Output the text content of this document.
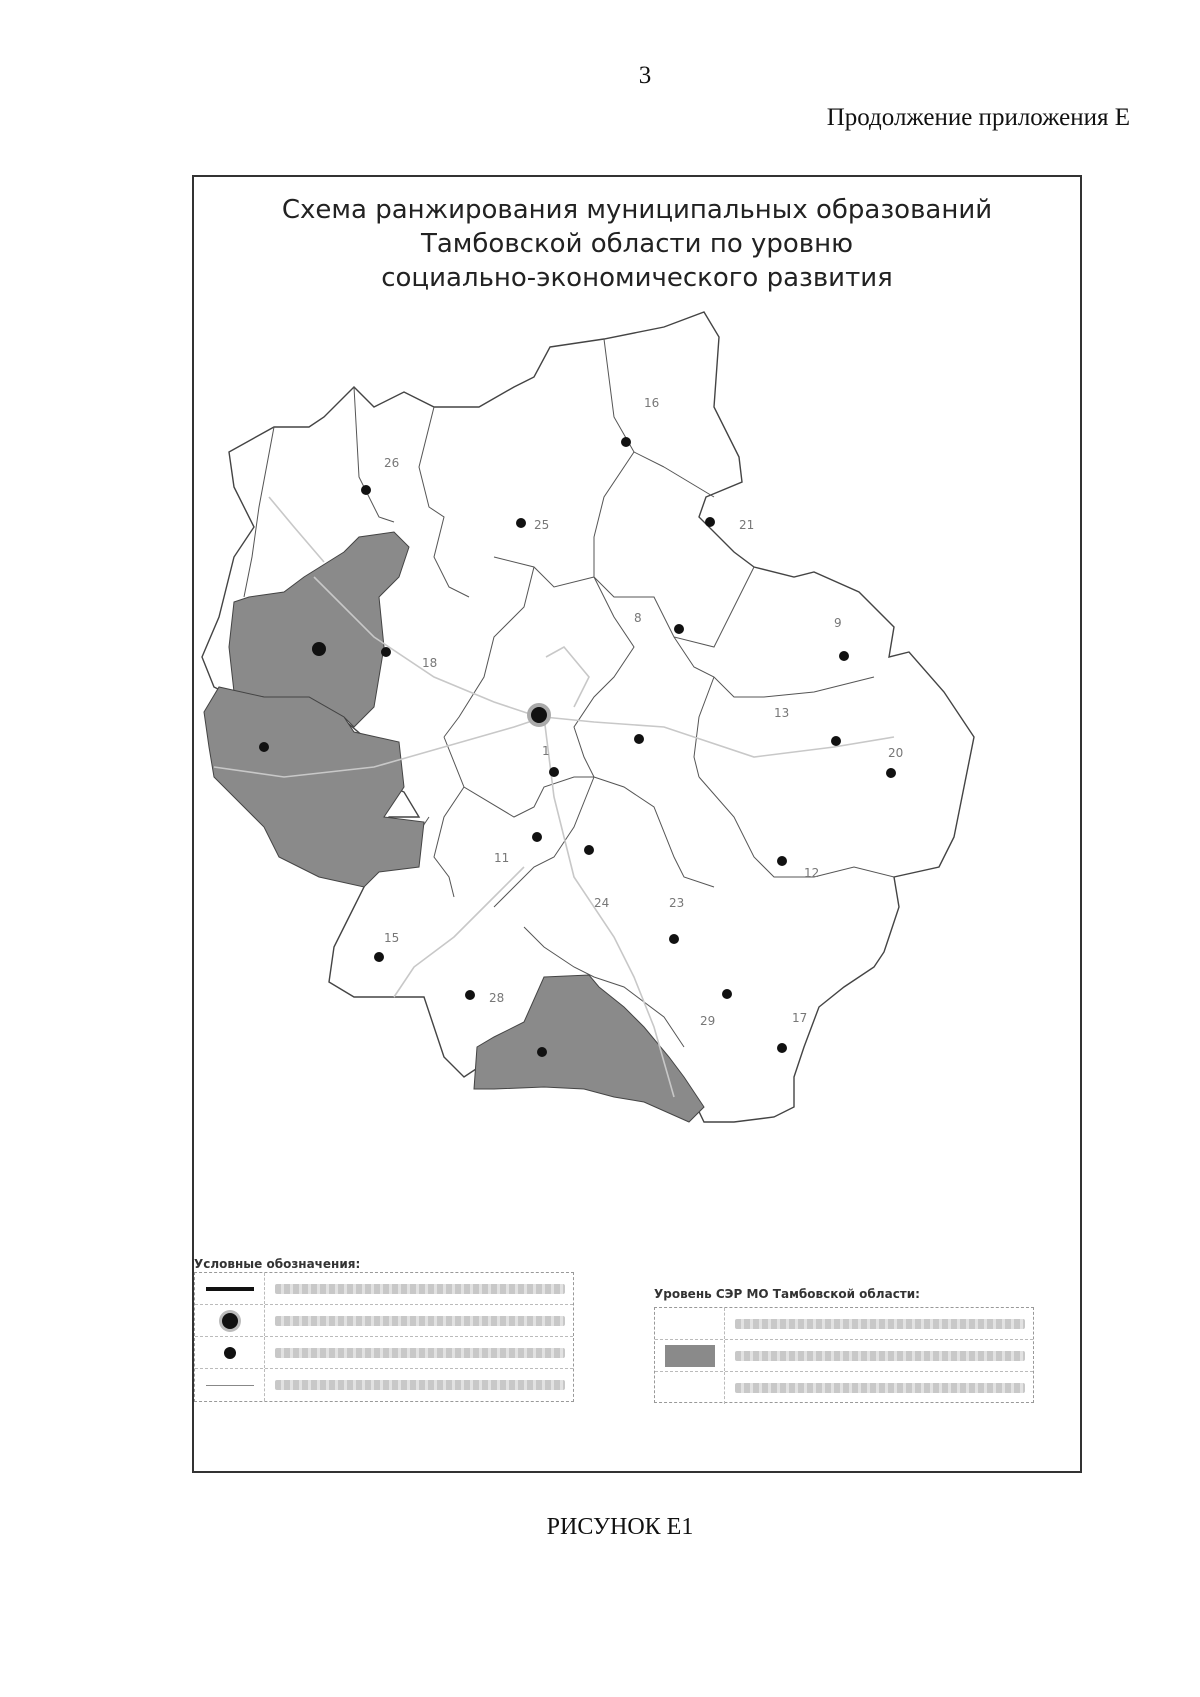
3
Продолжение приложения Е
Схема ранжирования муниципальных образований
Тамбовской области по уровню
социально-экономического развития
16
26
25	21
8	9
18
13
20
1
11
12
24	23
15
28
29	17
Условные обозначения:
Уровень СЭР МО Тамбовской области:
РИСУНОК Е1
